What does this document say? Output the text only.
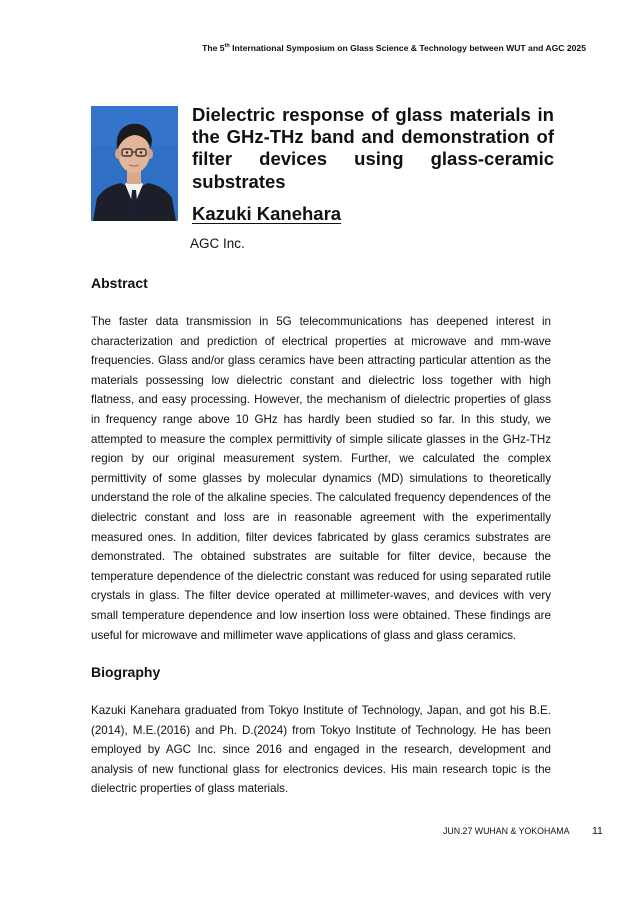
The 5th International Symposium on Glass Science & Technology between WUT and AGC 2025
Dielectric response of glass materials in the GHz-THz band and demonstration of filter devices using glass-ceramic substrates

Kazuki Kanehara

AGC Inc.

Abstract

The faster data transmission in 5G telecommunications has deepened interest in characterization and prediction of electrical properties at microwave and mm-wave frequencies. Glass and/or glass ceramics have been attracting particular attention as the materials possessing low dielectric constant and dielectric loss together with high flatness, and easy processing. However, the mechanism of dielectric properties of glass in frequency range above 10 GHz has hardly been studied so far. In this study, we attempted to measure the complex permittivity of simple silicate glasses in the GHz-THz region by our original measurement system. Further, we calculated the complex permittivity of some glasses by molecular dynamics (MD) simulations to theoretically understand the role of the alkaline species. The calculated frequency dependences of the dielectric constant and loss are in reasonable agreement with the experimentally measured ones. In addition, filter devices fabricated by glass ceramics substrates are demonstrated. The obtained substrates are suitable for filter device, because the temperature dependence of the dielectric constant was reduced for using separated rutile crystals in glass. The filter device operated at millimeter-waves, and devices with very small temperature dependence and low insertion loss were obtained. These findings are useful for microwave and millimeter wave applications of glass and glass ceramics.

Biography

Kazuki Kanehara graduated from Tokyo Institute of Technology, Japan, and got his B.E.(2014), M.E.(2016) and Ph. D.(2024) from Tokyo Institute of Technology. He has been employed by AGC Inc. since 2016 and engaged in the research, development and analysis of new functional glass for electronics devices. His main research topic is the dielectric properties of glass materials.

JUN.27 WUHAN & YOKOHAMA 11
